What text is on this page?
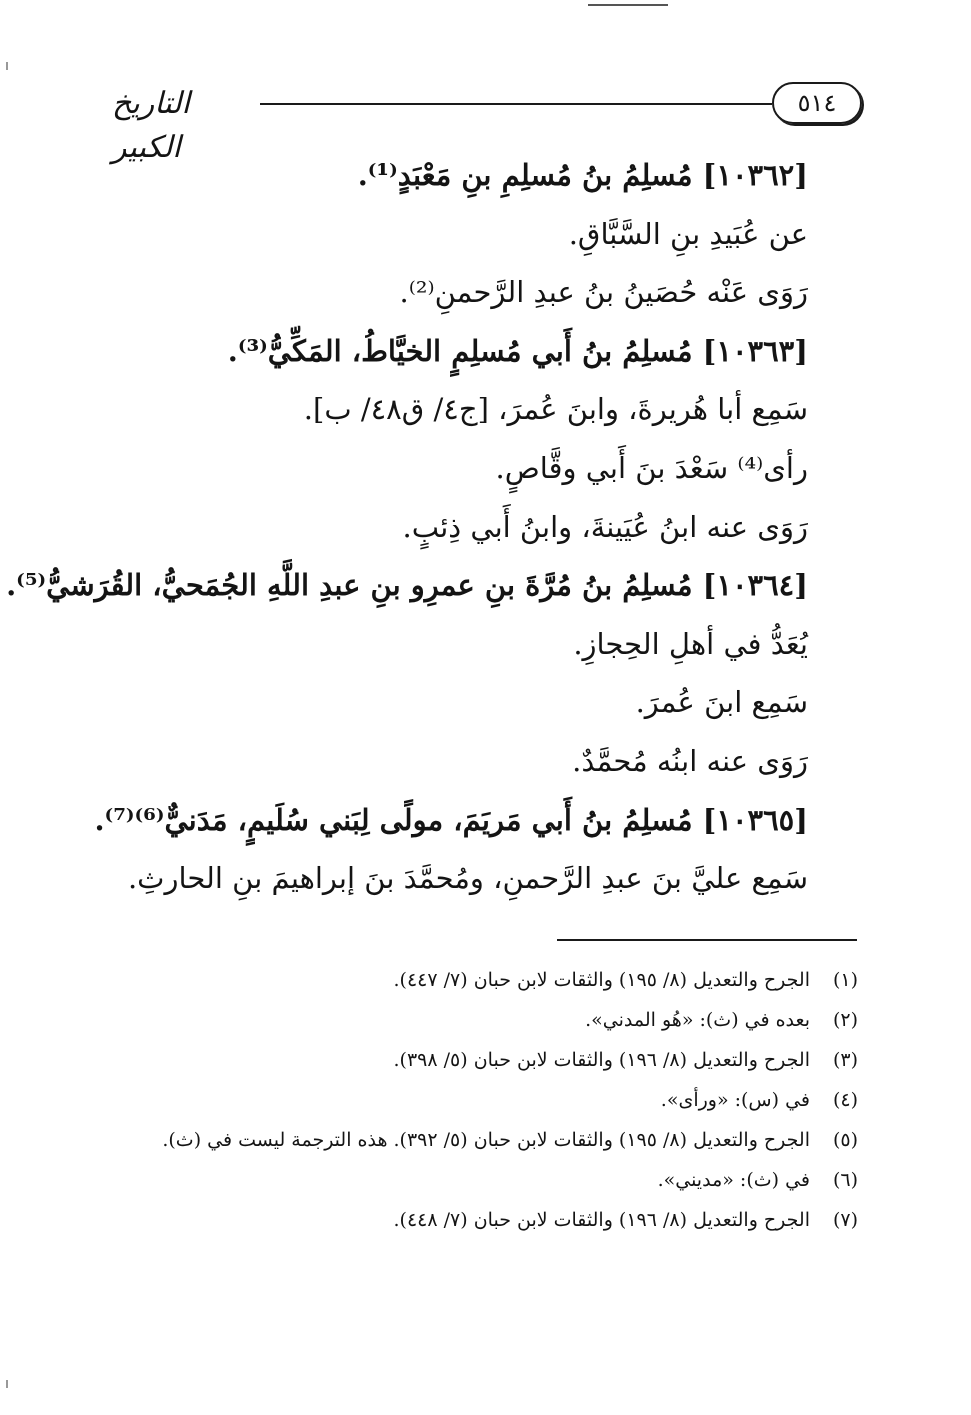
التاريخ الكبير
٥١٤
[١٠٣٦٢] مُسلِمُ بنُ مُسلِمِ بنِ مَعْبَدٍ⁽¹⁾.
عن عُبَيدِ بنِ السَّبَّاقِ.
رَوَى عَنْه حُصَينُ بنُ عبدِ الرَّحمنِ⁽²⁾.
[١٠٣٦٣] مُسلِمُ بنُ أَبي مُسلِمٍ الخيَّاطُ، المَكِّيُّ⁽³⁾.
سَمِع أبا هُريرةَ، وابنَ عُمرَ، [ج٤/ ق٤٨/ ب].
رأى⁽⁴⁾ سَعْدَ بنَ أَبي وقَّاصٍ.
رَوَى عنه ابنُ عُيَينةَ، وابنُ أَبي ذِئبٍ.
[١٠٣٦٤] مُسلِمُ بنُ مُرَّةَ بنِ عمرِو بنِ عبدِ اللَّهِ الجُمَحيُّ، القُرَشيُّ⁽⁵⁾.
يُعَدُّ في أهلِ الحِجازِ.
سَمِع ابنَ عُمرَ.
رَوَى عنه ابنُه مُحمَّدٌ.
[١٠٣٦٥] مُسلِمُ بنُ أَبي مَريَمَ، مولًى لِبَني سُلَيمٍ، مَدَنيٌّ⁽⁶⁾⁽⁷⁾.
سَمِع عليَّ بنَ عبدِ الرَّحمنِ، ومُحمَّدَ بنَ إبراهيمَ بنِ الحارثِ.
(١)
الجرح والتعديل (٨/ ١٩٥) والثقات لابن حبان (٧/ ٤٤٧).
(٢)
بعده في (ث): «هُو المدني».
(٣)
الجرح والتعديل (٨/ ١٩٦) والثقات لابن حبان (٥/ ٣٩٨).
(٤)
في (س): «ورأى».
(٥)
الجرح والتعديل (٨/ ١٩٥) والثقات لابن حبان (٥/ ٣٩٢). هذه الترجمة ليست في (ث).
(٦)
في (ث): «مديني».
(٧)
الجرح والتعديل (٨/ ١٩٦) والثقات لابن حبان (٧/ ٤٤٨).
